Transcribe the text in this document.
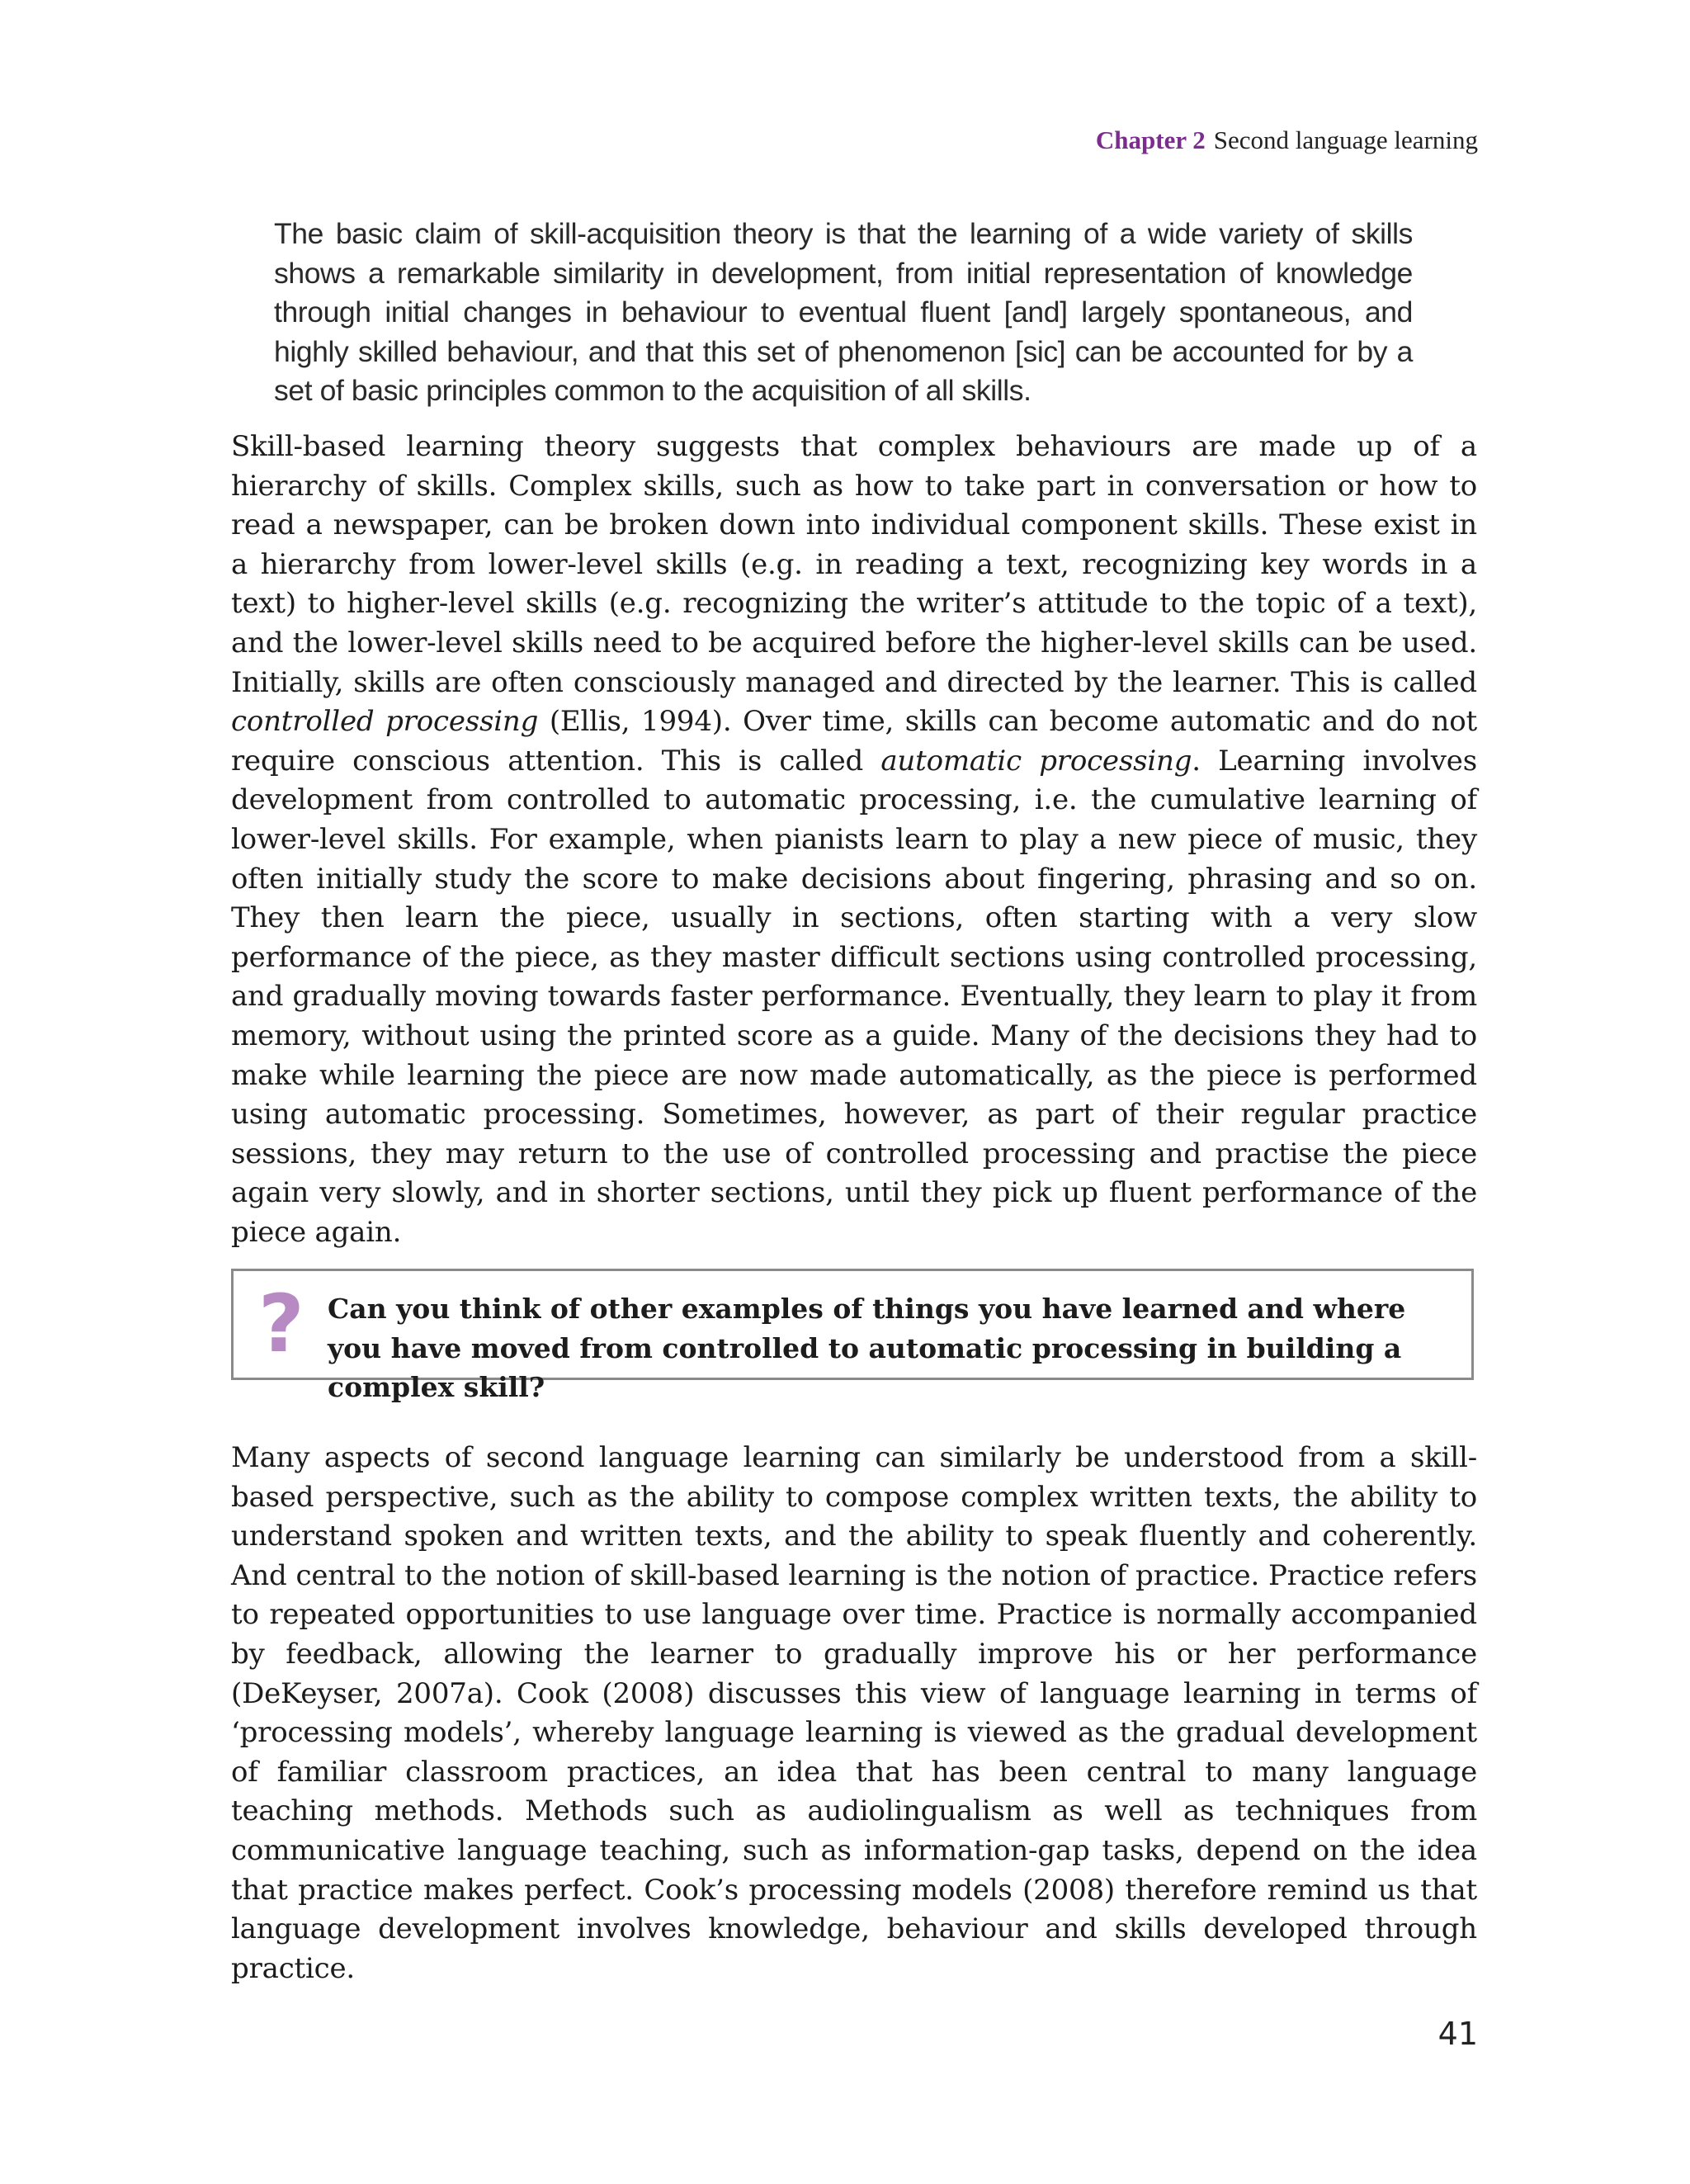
Chapter 2 Second language learning

The basic claim of skill-acquisition theory is that the learning of a wide variety of skills shows a remarkable similarity in development, from initial representation of knowledge through initial changes in behaviour to eventual fluent [and] largely spontaneous, and highly skilled behaviour, and that this set of phenomenon [sic] can be accounted for by a set of basic principles common to the acquisition of all skills.

Skill-based learning theory suggests that complex behaviours are made up of a hierarchy of skills. Complex skills, such as how to take part in conversation or how to read a newspaper, can be broken down into individual component skills. These exist in a hierarchy from lower-level skills (e.g. in reading a text, recognizing key words in a text) to higher-level skills (e.g. recognizing the writer’s attitude to the topic of a text), and the lower-level skills need to be acquired before the higher-level skills can be used. Initially, skills are often consciously managed and directed by the learner. This is called controlled processing (Ellis, 1994). Over time, skills can become automatic and do not require conscious attention. This is called automatic processing. Learning involves development from controlled to automatic processing, i.e. the cumulative learning of lower-level skills. For example, when pianists learn to play a new piece of music, they often initially study the score to make decisions about fingering, phrasing and so on. They then learn the piece, usually in sections, often starting with a very slow performance of the piece, as they master difficult sections using controlled processing, and gradually moving towards faster performance. Eventually, they learn to play it from memory, without using the printed score as a guide. Many of the decisions they had to make while learning the piece are now made automatically, as the piece is performed using automatic processing. Sometimes, however, as part of their regular practice sessions, they may return to the use of controlled processing and practise the piece again very slowly, and in shorter sections, until they pick up fluent performance of the piece again.

? Can you think of other examples of things you have learned and where you have moved from controlled to automatic processing in building a complex skill?

Many aspects of second language learning can similarly be understood from a skill-based perspective, such as the ability to compose complex written texts, the ability to understand spoken and written texts, and the ability to speak fluently and coherently. And central to the notion of skill-based learning is the notion of practice. Practice refers to repeated opportunities to use language over time. Practice is normally accompanied by feedback, allowing the learner to gradually improve his or her performance (DeKeyser, 2007a). Cook (2008) discusses this view of language learning in terms of ‘processing models’, whereby language learning is viewed as the gradual development of familiar classroom practices, an idea that has been central to many language teaching methods. Methods such as audiolingualism as well as techniques from communicative language teaching, such as information-gap tasks, depend on the idea that practice makes perfect. Cook’s processing models (2008) therefore remind us that language development involves knowledge, behaviour and skills developed through practice.

41
